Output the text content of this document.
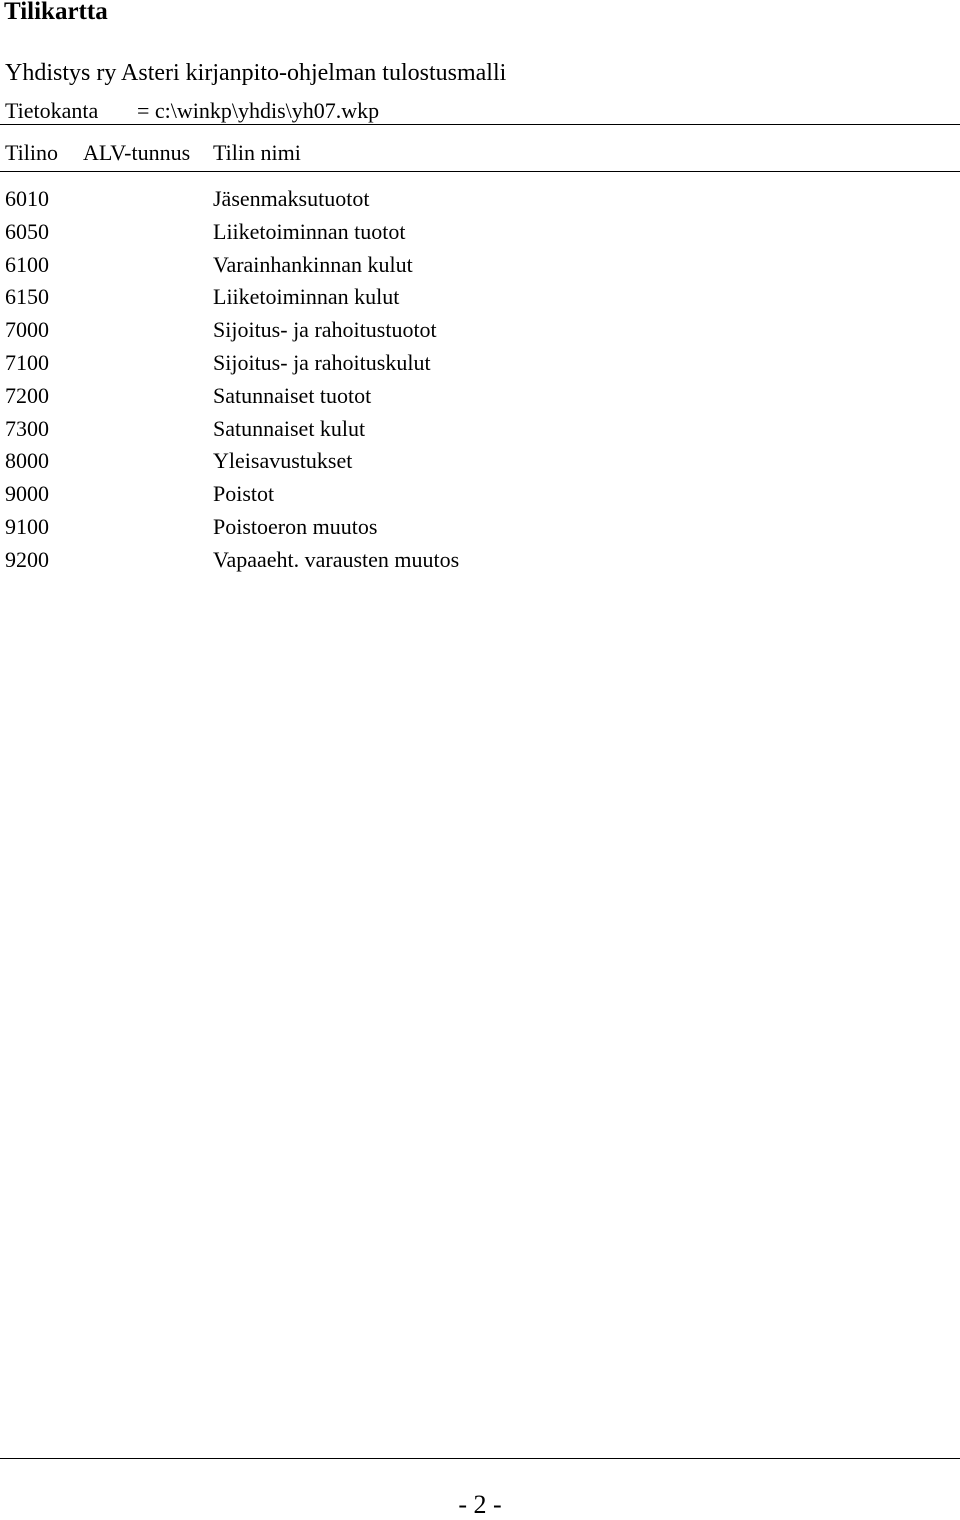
Tilikartta
Yhdistys ry Asteri kirjanpito-ohjelman tulostusmalli
Tietokanta = c:\winkp\yhdis\yh07.wkp
Tilino ALV-tunnus Tilin nimi
6010	Jäsenmaksutuotot
6050	Liiketoiminnan tuotot
6100	Varainhankinnan kulut
6150	Liiketoiminnan kulut
7000	Sijoitus- ja rahoitustuotot
7100	Sijoitus- ja rahoituskulut
7200	Satunnaiset tuotot
7300	Satunnaiset kulut
8000	Yleisavustukset
9000	Poistot
9100	Poistoeron muutos
9200	Vapaaeht. varausten muutos
- 2 -
